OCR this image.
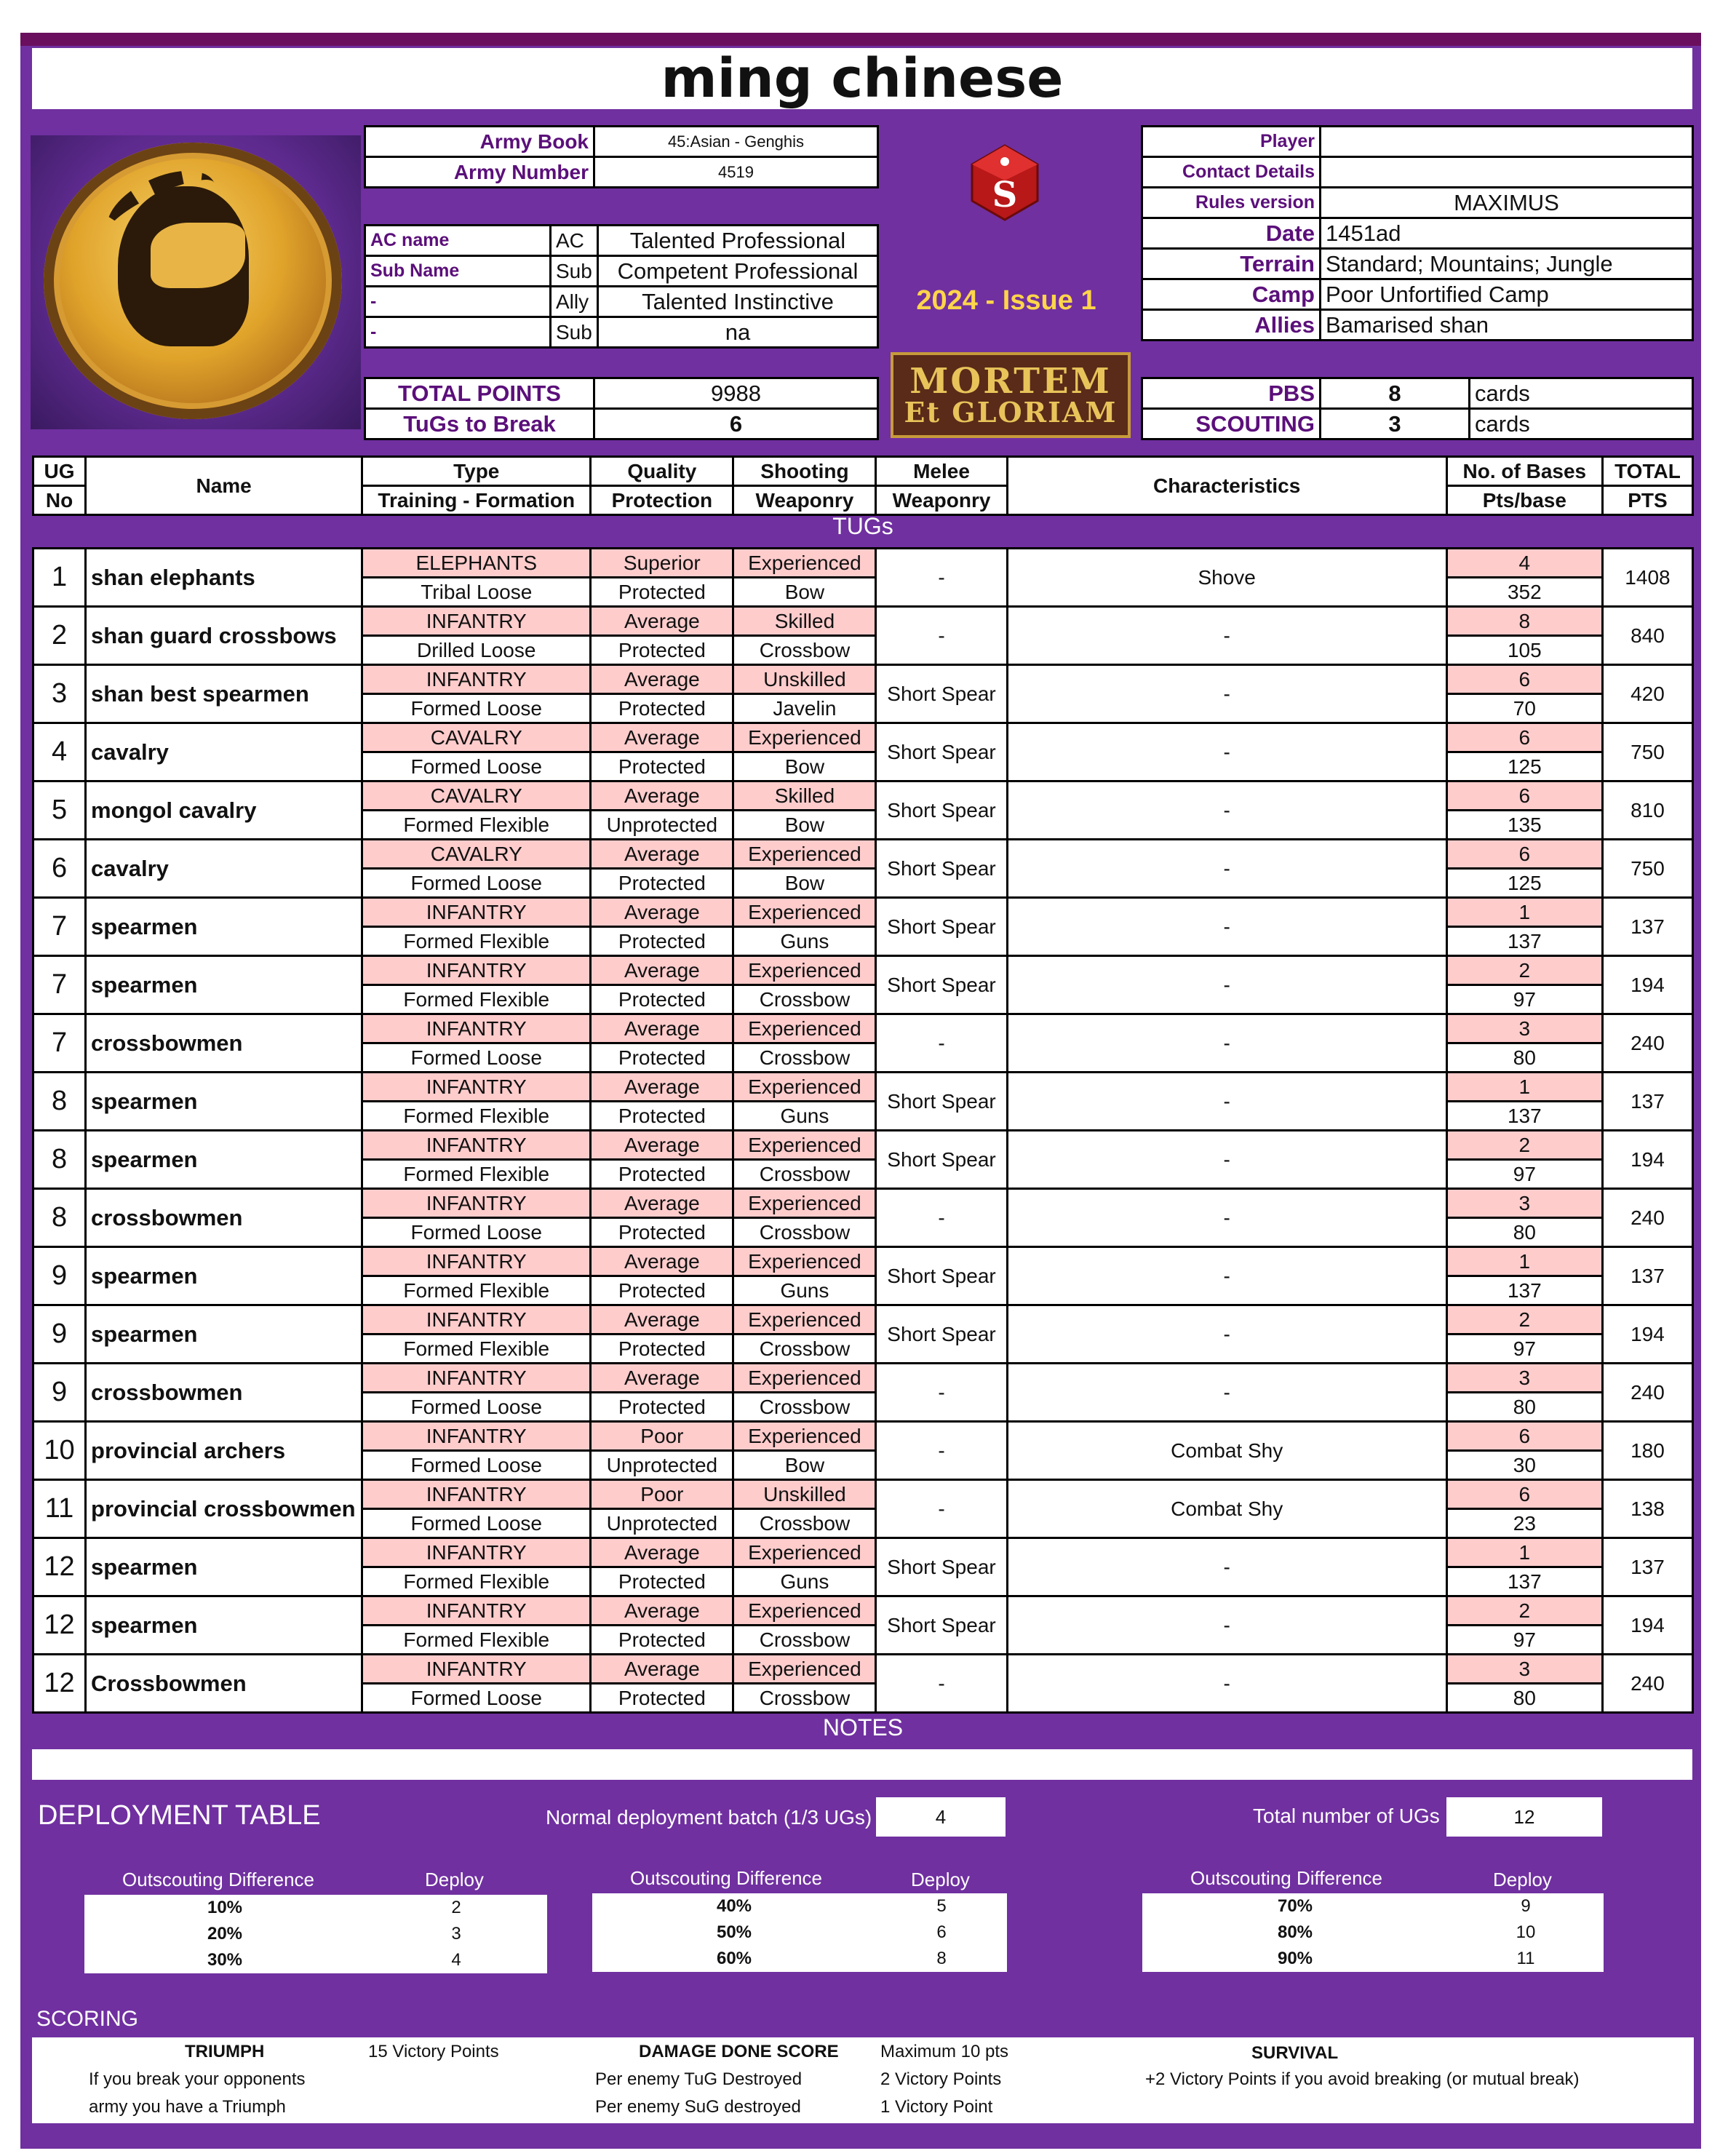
ming chinese
Army Book	45:Asian - Genghis
Army Number	4519
AC name	AC	Talented Professional
Sub Name	Sub	Competent Professional
-	Ally	Talented Instinctive
-	Sub	na
TOTAL POINTS	9988
TuGs to Break	6
S
2024 - Issue 1
MORTEM
Et GLORIAM
Player	
Contact Details	
Rules version	MAXIMUS
Date	1451ad
Terrain	Standard; Mountains; Jungle
Camp	Poor Unfortified Camp
Allies	Bamarised shan
PBS	8	cards
SCOUTING	3	cards
UG	Name	Type	Quality	Shooting	Melee	Characteristics	No. of Bases	TOTAL
No		Training - Formation	Protection	Weaponry	Weaponry		Pts/base	PTS
TUGs
1	shan elephants	ELEPHANTS	Superior	Experienced	-	Shove	4	1408
		Tribal Loose	Protected	Bow			352	
2	shan guard crossbows	INFANTRY	Average	Skilled	-	-	8	840
		Drilled Loose	Protected	Crossbow			105	
3	shan best spearmen	INFANTRY	Average	Unskilled	Short Spear	-	6	420
		Formed Loose	Protected	Javelin			70	
4	cavalry	CAVALRY	Average	Experienced	Short Spear	-	6	750
		Formed Loose	Protected	Bow			125	
5	mongol cavalry	CAVALRY	Average	Skilled	Short Spear	-	6	810
		Formed Flexible	Unprotected	Bow			135	
6	cavalry	CAVALRY	Average	Experienced	Short Spear	-	6	750
		Formed Loose	Protected	Bow			125	
7	spearmen	INFANTRY	Average	Experienced	Short Spear	-	1	137
		Formed Flexible	Protected	Guns			137	
7	spearmen	INFANTRY	Average	Experienced	Short Spear	-	2	194
		Formed Flexible	Protected	Crossbow			97	
7	crossbowmen	INFANTRY	Average	Experienced	-	-	3	240
		Formed Loose	Protected	Crossbow			80	
8	spearmen	INFANTRY	Average	Experienced	Short Spear	-	1	137
		Formed Flexible	Protected	Guns			137	
8	spearmen	INFANTRY	Average	Experienced	Short Spear	-	2	194
		Formed Flexible	Protected	Crossbow			97	
8	crossbowmen	INFANTRY	Average	Experienced	-	-	3	240
		Formed Loose	Protected	Crossbow			80	
9	spearmen	INFANTRY	Average	Experienced	Short Spear	-	1	137
		Formed Flexible	Protected	Guns			137	
9	spearmen	INFANTRY	Average	Experienced	Short Spear	-	2	194
		Formed Flexible	Protected	Crossbow			97	
9	crossbowmen	INFANTRY	Average	Experienced	-	-	3	240
		Formed Loose	Protected	Crossbow			80	
10	provincial archers	INFANTRY	Poor	Experienced	-	Combat Shy	6	180
		Formed Loose	Unprotected	Bow			30	
11	provincial crossbowmen	INFANTRY	Poor	Unskilled	-	Combat Shy	6	138
		Formed Loose	Unprotected	Crossbow			23	
12	spearmen	INFANTRY	Average	Experienced	Short Spear	-	1	137
		Formed Flexible	Protected	Guns			137	
12	spearmen	INFANTRY	Average	Experienced	Short Spear	-	2	194
		Formed Flexible	Protected	Crossbow			97	
12	Crossbowmen	INFANTRY	Average	Experienced	-	-	3	240
		Formed Loose	Protected	Crossbow			80	
NOTES
DEPLOYMENT TABLE	Normal deployment batch (1/3 UGs)	4	Total number of UGs	12
Outscouting Difference	Deploy	Outscouting Difference	Deploy	Outscouting Difference	Deploy
10%	2
20%	3
30%	4
40%	5
50%	6
60%	8
70%	9
80%	10
90%	11
SCORING
TRIUMPH	15 Victory Points
If you break your opponents
army you have a Triumph
DAMAGE DONE SCORE Maximum 10 pts
Per enemy TuG Destroyed	2 Victory Points
Per enemy SuG destroyed	1 Victory Point
SURVIVAL
+2 Victory Points if you avoid breaking (or mutual break)
